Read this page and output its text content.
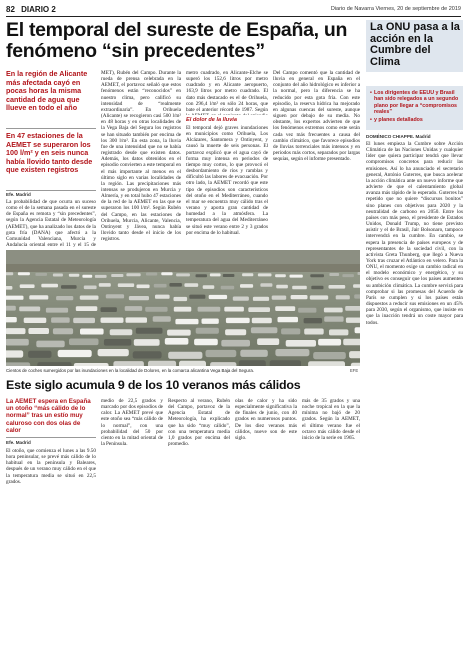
82 DIARIO 2	Diario de Navarra Viernes, 20 de septiembre de 2019
El temporal del sureste de España, un fenómeno “sin precedentes”
En la región de Alicante más afectada cayó en pocas horas la misma cantidad de agua que llueve en todo el año
En 47 estaciones de la AEMET se superaron los 100 l/m² y en seis nunca había llovido tanto desde que existen registros
Efe. Madrid
La probabilidad de que ocurra un suceso como el de la semana pasada en el sureste de España es remota y “sin precedentes”, según la Agencia Estatal de Meteorología (AEMET), que ha analizado los datos de la gota fría (DANA) que afectó a la Comunidad Valenciana, Murcia y Andalucía oriental entre el 11 y el 15 de
MET), Rubén del Campo. Durante la rueda de prensa celebrada en la AEMET, el portavoz señaló que estos fenómenos están “reconocidos” en nuestro clima, pero calificó su intensidad de “realmente extraordinaria”. En Orihuela (Alicante) se recogieron casi 500 l/m² en 48 horas y en otras localidades de la Vega Baja del Segura los registros se han situado también por encima de los 300 l/m². En esta zona, la lluvia fue de una intensidad que no se había registrado desde que existen datos. Además, los datos obtenidos en el episodio convierten a este temporal en el más importante al menos en el último siglo en varias localidades de la región. Las precipitaciones más intensas se produjeron en Murcia y Almería, y en total hubo 47 estaciones de la red de la AEMET en las que se superaron los 100 l/m². Según Rubén del Campo, en las estaciones de Orihuela, Murcia, Alicante, Valencia, Ontinyent y Jávea, nunca había llovido tanto desde el inicio de los registros.
metro cuadrado, en Alicante-Elche se superó los 152,6 litros por metro cuadrado y en Alicante aeropuerto, 163,9 litros por metro cuadrado. El dato más destacado es el de Orihuela, con 296,4 l/m² en sólo 24 horas, que bate el anterior récord de 1987. Según
El dolor de la lluvia
El temporal dejó graves inundaciones en municipios como Orihuela, Los Alcázares, Santomera y Ontinyent, y causó la muerte de seis personas. El portavoz explicó que el agua cayó de forma muy intensa en periodos de tiempo muy cortos, lo que provocó el desbordamiento de ríos y ramblas y dificultó las labores de evacuación. Por otro lado, la AEMET recordó que este tipo de episodios son característicos del otoño en el Mediterráneo, cuando el mar se encuentra muy cálido tras el verano y aporta gran cantidad de humedad a la atmósfera. La temperatura del agua del Mediterráneo se situó este verano entre 2 y 3 grados por encima de lo habitual.
Del Campo comentó que la cantidad de lluvia en general en España en el conjunto del año hidrológico es inferior a la normal, pero la diferencia se ha reducido por esta gota fría. Con este episodio, la reserva hídrica ha mejorado en algunas cuencas del sureste, aunque siguen por debajo de su media. No obstante, los expertos advierten de que los fenómenos extremos como este serán cada vez más frecuentes a causa del cambio climático, que favorece episodios de lluvias torrenciales más intensos y en periodos más cortos, separados por largas sequías, según el informe presentado.
Cientos de coches sumergidos por las inundaciones en la localidad de Dolores, en la comarca alicantina Vega Baja del Segura.	EFE
Este siglo acumula 9 de los 10 veranos más cálidos
La AEMET espera en España un otoño “más cálido de lo normal” tras un estío muy caluroso con dos olas de calor
Efe. Madrid
El otoño, que comienza el lunes a las 9.50 hora peninsular, se prevé más cálido de lo habitual en la península y Baleares, después de un verano muy cálido en el que la temperatura media se situó en 22,5 grados.
medio de 22,5 grados y marcado por dos episodios de calor. La AEMET prevé que este otoño sea “más cálido de lo normal”, con una probabilidad del 50 por ciento en la mitad oriental de la Península.
Respecto al verano, Rubén del Campo, portavoz de la Agencia Estatal de Meteorología, ha explicado que ha sido “muy cálido”, con una temperatura media 1,0 grados por encima del promedio.
olas de calor y ha sido especialmente significativa la de finales de junio, con 40 grados en numerosos puntos. De los diez veranos más cálidos, nueve son de este siglo.
más de 35 grados y una noche tropical en la que la mínima no bajó de 20 grados. Según la AEMET, el último verano fue el octavo más cálido desde el inicio de la serie en 1965.
La ONU pasa a la acción en la Cumbre del Clima
• Los dirigentes de EEUU y Brasil han sido relegados a un segundo plano por llegar a “compromisos reales”
• y planes detallados
DOMÉNICO CHIAPPE. Madrid
El lunes empieza la Cumbre sobre Acción Climática de las Naciones Unidas y cualquier líder que quiera participar tendrá que llevar compromisos concretos para reducir las emisiones. Así lo ha anunciado el secretario general, António Guterres, que busca acelerar la acción climática ante un nuevo informe que advierte de que el calentamiento global avanza más rápido de lo esperado. Guterres ha repetido que no quiere “discursos bonitos” sino planes con objetivos para 2020 y la neutralidad de carbono en 2050. Entre los países con más peso, el presidente de Estados Unidos, Donald Trump, no tiene previsto asistir y el de Brasil, Jair Bolsonaro, tampoco intervendrá en la cumbre. En cambio, se espera la presencia de países europeos y de representantes de la sociedad civil, con la activista Greta Thunberg, que llegó a Nueva York tras cruzar el Atlántico en velero. Para la ONU, el momento exige un cambio radical en el modelo económico y energético, y su objetivo es conseguir que los países aumenten su ambición climática. La cumbre servirá para comprobar si las promesas del Acuerdo de París se cumplen y si los países están dispuestos a reducir sus emisiones en un 45% para 2030, según el organismo, que insiste en que la inacción tendrá un coste mayor para todos.
